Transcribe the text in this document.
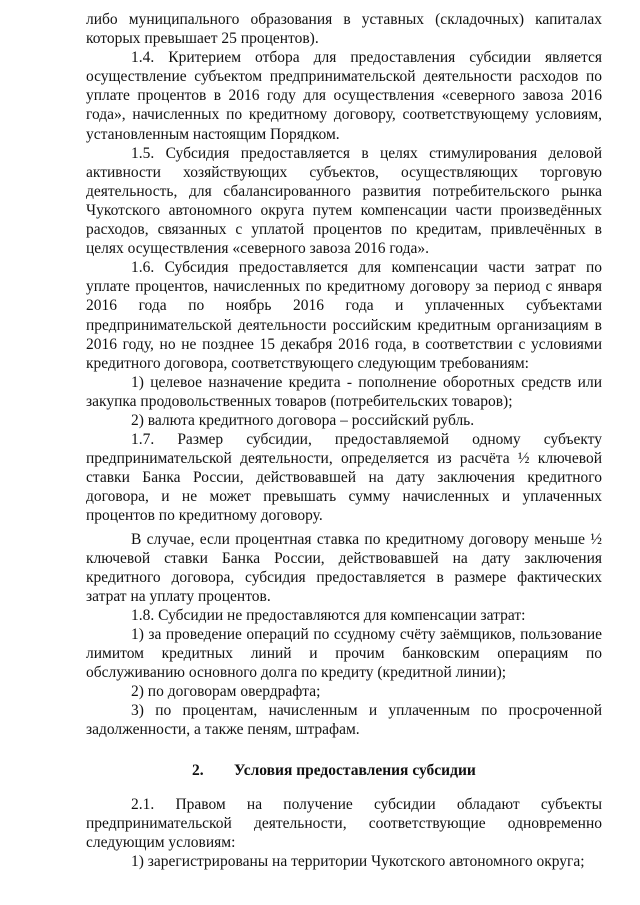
либо муниципального образования в уставных (складочных) капиталах которых превышает 25 процентов).

1.4. Критерием отбора для предоставления субсидии является осуществление субъектом предпринимательской деятельности расходов по уплате процентов в 2016 году для осуществления «северного завоза 2016 года», начисленных по кредитному договору, соответствующему условиям, установленным настоящим Порядком.

1.5. Субсидия предоставляется в целях стимулирования деловой активности хозяйствующих субъектов, осуществляющих торговую деятельность, для сбалансированного развития потребительского рынка Чукотского автономного округа путем компенсации части произведённых расходов, связанных с уплатой процентов по кредитам, привлечённых в целях осуществления «северного завоза 2016 года».

1.6. Субсидия предоставляется для компенсации части затрат по уплате процентов, начисленных по кредитному договору за период с января 2016 года по ноябрь 2016 года и уплаченных субъектами предпринимательской деятельности российским кредитным организациям в 2016 году, но не позднее 15 декабря 2016 года, в соответствии с условиями кредитного договора, соответствующего следующим требованиям:

1) целевое назначение кредита - пополнение оборотных средств или закупка продовольственных товаров (потребительских товаров);

2) валюта кредитного договора – российский рубль.

1.7. Размер субсидии, предоставляемой одному субъекту предпринимательской деятельности, определяется из расчёта ½ ключевой ставки Банка России, действовавшей на дату заключения кредитного договора, и не может превышать сумму начисленных и уплаченных процентов по кредитному договору.

В случае, если процентная ставка по кредитному договору меньше ½ ключевой ставки Банка России, действовавшей на дату заключения кредитного договора, субсидия предоставляется в размере фактических затрат на уплату процентов.

1.8. Субсидии не предоставляются для компенсации затрат:

1) за проведение операций по ссудному счёту заёмщиков, пользование лимитом кредитных линий и прочим банковским операциям по обслуживанию основного долга по кредиту (кредитной линии);

2) по договорам овердрафта;

3) по процентам, начисленным и уплаченным по просроченной задолженности, а также пеням, штрафам.

2. Условия предоставления субсидии

2.1. Правом на получение субсидии обладают субъекты предпринимательской деятельности, соответствующие одновременно следующим условиям:

1) зарегистрированы на территории Чукотского автономного округа;
